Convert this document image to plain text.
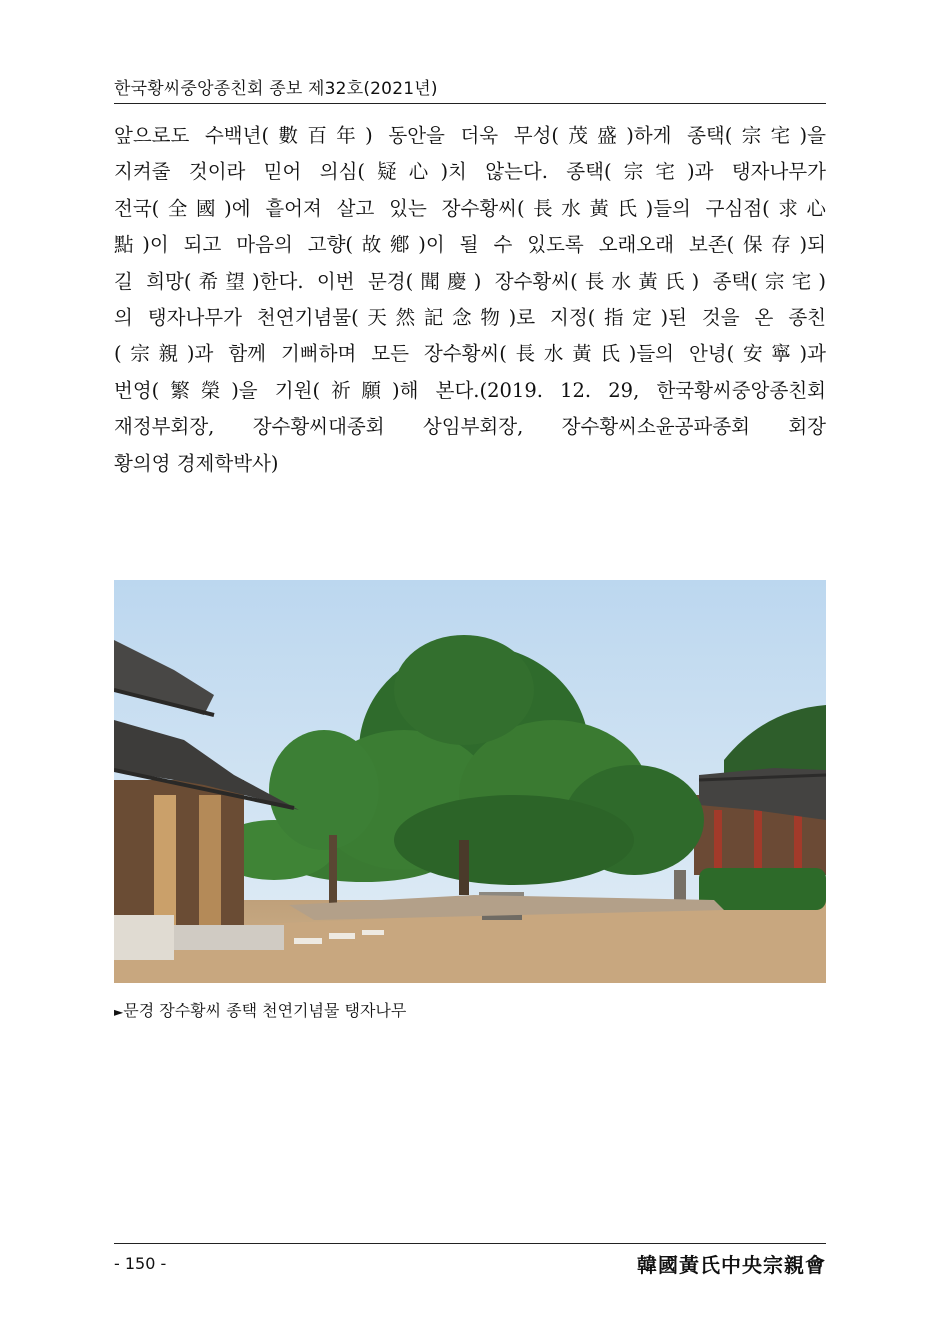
한국황씨중앙종친회 종보 제32호(2021년)
앞으로도 수백년(數百年) 동안을 더욱 무성(茂盛)하게 종택(宗宅)을
지켜줄 것이라 믿어 의심(疑心)치 않는다. 종택(宗宅)과 탱자나무가
전국(全國)에 흩어져 살고 있는 장수황씨(長水黃氏)들의 구심점(求心
點)이 되고 마음의 고향(故鄕)이 될 수 있도록 오래오래 보존(保存)되
길 희망(希望)한다. 이번 문경(聞慶) 장수황씨(長水黃氏) 종택(宗宅)
의 탱자나무가 천연기념물(天然記念物)로 지정(指定)된 것을 온 종친
(宗親)과 함께 기뻐하며 모든 장수황씨(長水黃氏)들의 안녕(安寧)과
번영(繁榮)을 기원(祈願)해 본다.(2019. 12. 29, 한국황씨중앙종친회
재정부회장, 장수황씨대종회 상임부회장, 장수황씨소윤공파종회 회장
황의영 경제학박사)
►문경 장수황씨 종택 천연기념물 탱자나무
- 150 -	韓國黃氏中央宗親會
